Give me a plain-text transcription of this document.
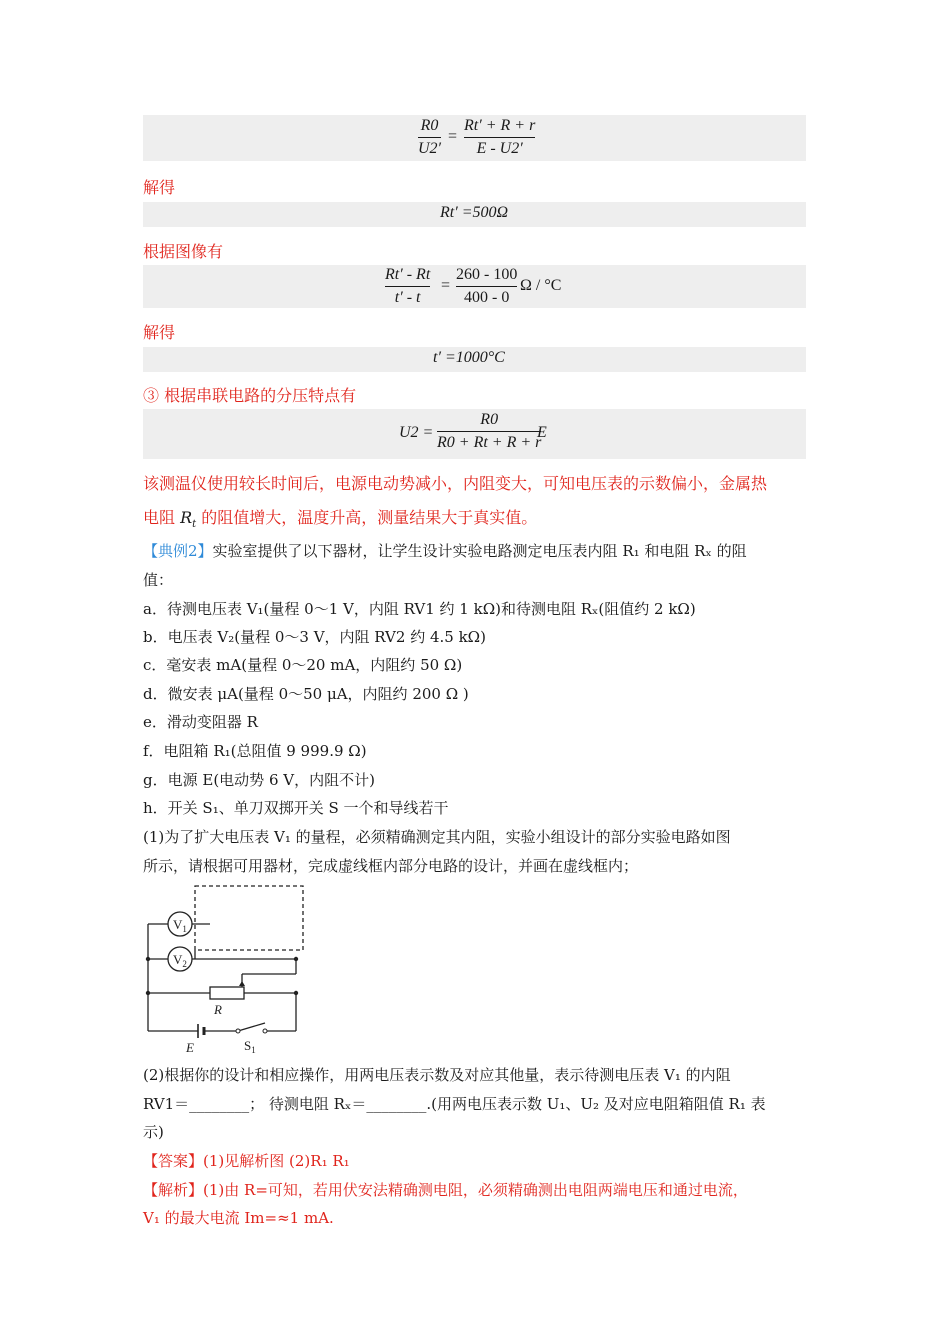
R0
U2′
=
Rt′ + R + r
E - U2′
解得
Rt′ =500Ω
根据图像有
Rt′ - Rt
t′ - t
=
260 - 100
400 - 0
Ω / °C
解得
t′ =1000°C
③ 根据串联电路的分压特点有
U2 =
R0
R0 + Rt + R + r
E
该测温仪使用较长时间后，电源电动势减小，内阻变大，可知电压表的示数偏小，金属热
电阻 $R_t$ 的阻值增大，温度升高，测量结果大于真实值。
【典例2】实验室提供了以下器材，让学生设计实验电路测定电压表内阻 R₁ 和电阻 Rₓ 的阻
值：
a．待测电压表 V₁(量程 0～1 V，内阻 RV1 约 1 kΩ)和待测电阻 Rₓ(阻值约 2 kΩ)
b．电压表 V₂(量程 0～3 V，内阻 RV2 约 4.5 kΩ)
c．毫安表 mA(量程 0～20 mA，内阻约 50 Ω)
d．微安表 μA(量程 0～50 μA，内阻约 200 Ω )
e．滑动变阻器 R
f．电阻箱 R₁(总阻值 9 999.9 Ω)
g．电源 E(电动势 6 V，内阻不计)
h．开关 S₁、单刀双掷开关 S 一个和导线若干
(1)为了扩大电压表 V₁ 的量程，必须精确测定其内阻，实验小组设计的部分实验电路如图
所示，请根据可用器材，完成虚线框内部分电路的设计，并画在虚线框内；
$V_1$
$V_2$
R
E	$S_1$
(2)根据你的设计和相应操作，用两电压表示数及对应其他量，表示待测电压表 V₁ 的内阻
RV1＝________； 待测电阻 Rₓ＝________.(用两电压表示数 U₁、U₂ 及对应电阻箱阻值 R₁ 表
示)
【答案】(1)见解析图 (2)R₁ R₁
【解析】(1)由 R=可知，若用伏安法精确测电阻，必须精确测出电阻两端电压和通过电流，
V₁ 的最大电流 Im=≈1 mA.
